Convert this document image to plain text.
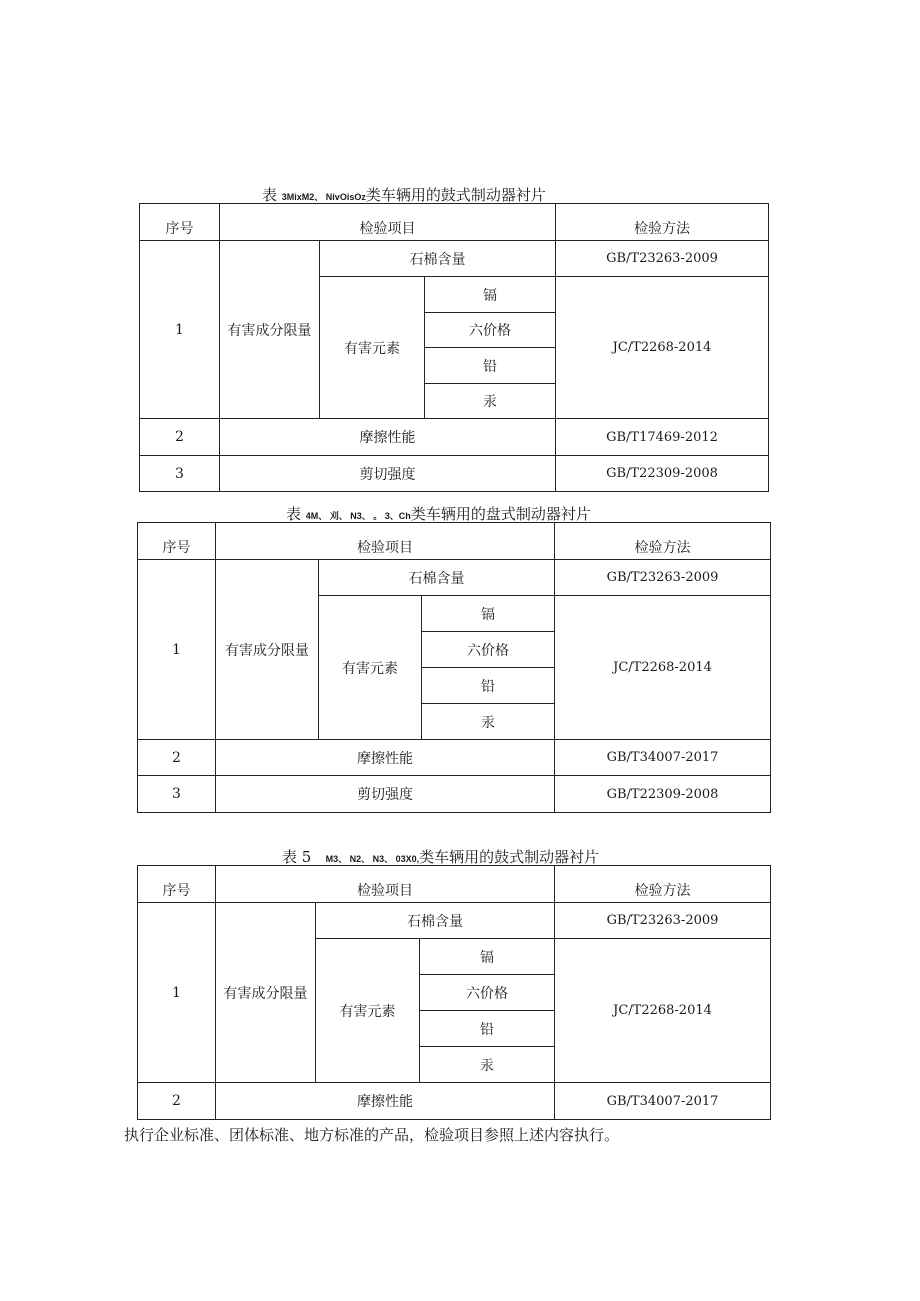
表 3MixM2、 NivOisOz类车辆用的鼓式制动器衬片
序号	检验项目			检验方法
1	有害成分限量	石棉含量		GB/T23263-2009
		有害元素	镉	JC/T2268-2014
			六价格	
			铅	
			汞	
2	摩擦性能			GB/T17469-2012
3	剪切强度			GB/T22309-2008
表 4M、 刈、 N3、 。 3、Ch类车辆用的盘式制动器衬片
序号	检验项目			检验方法
1	有害成分限量	石棉含量		GB/T23263-2009
		有害元素	镉	JC/T2268-2014
			六价格	
			铅	
			汞	
2	摩擦性能			GB/T34007-2017
3	剪切强度			GB/T22309-2008
表 5 M3、 N2、 N3、 03X0,类车辆用的鼓式制动器衬片
序号	检验项目			检验方法
1	有害成分限量	石棉含量		GB/T23263-2009
		有害元素	镉	JC/T2268-2014
			六价格	
			铅	
			汞	
2	摩擦性能			GB/T34007-2017
执行企业标准、团体标准、地方标准的产品，检验项目参照上述内容执行。
